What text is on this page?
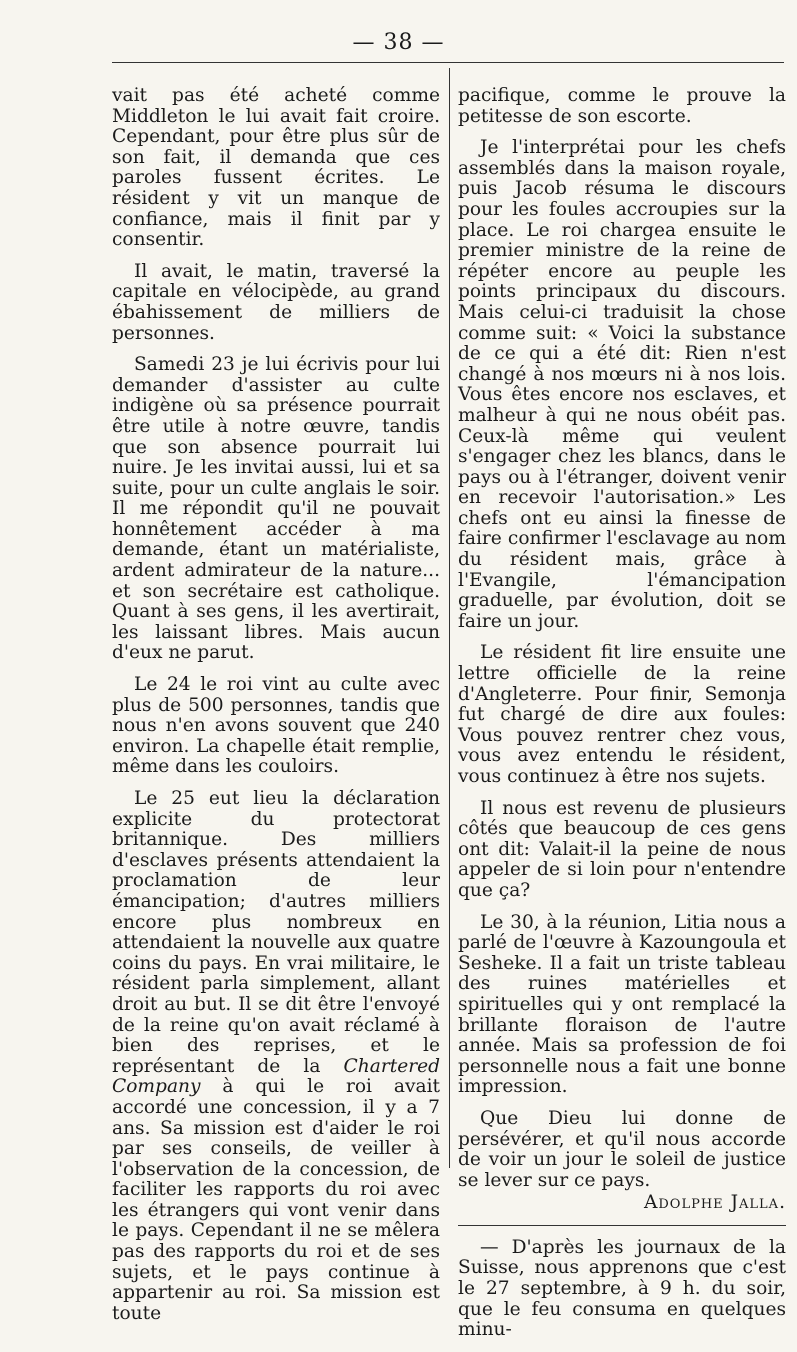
— 38 —

vait pas été acheté comme Middleton le lui avait fait croire. Cependant, pour être plus sûr de son fait, il demanda que ces paroles fussent écrites. Le résident y vit un manque de confiance, mais il finit par y consentir.

Il avait, le matin, traversé la capitale en vélocipède, au grand ébahissement de milliers de personnes.

Samedi 23 je lui écrivis pour lui demander d'assister au culte indigène où sa présence pourrait être utile à notre œuvre, tandis que son absence pourrait lui nuire. Je les invitai aussi, lui et sa suite, pour un culte anglais le soir. Il me répondit qu'il ne pouvait honnêtement accéder à ma demande, étant un matérialiste, ardent admirateur de la nature... et son secrétaire est catholique. Quant à ses gens, il les avertirait, les laissant libres. Mais aucun d'eux ne parut.

Le 24 le roi vint au culte avec plus de 500 personnes, tandis que nous n'en avons souvent que 240 environ. La chapelle était remplie, même dans les couloirs.

Le 25 eut lieu la déclaration explicite du protectorat britannique. Des milliers d'esclaves présents attendaient la proclamation de leur émancipation; d'autres milliers encore plus nombreux en attendaient la nouvelle aux quatre coins du pays. En vrai militaire, le résident parla simplement, allant droit au but. Il se dit être l'envoyé de la reine qu'on avait réclamé à bien des reprises, et le représentant de la Chartered Company à qui le roi avait accordé une concession, il y a 7 ans. Sa mission est d'aider le roi par ses conseils, de veiller à l'observation de la concession, de faciliter les rapports du roi avec les étrangers qui vont venir dans le pays. Cependant il ne se mêlera pas des rapports du roi et de ses sujets, et le pays continue à appartenir au roi. Sa mission est toute

pacifique, comme le prouve la petitesse de son escorte.

Je l'interprétai pour les chefs assemblés dans la maison royale, puis Jacob résuma le discours pour les foules accroupies sur la place. Le roi chargea ensuite le premier ministre de la reine de répéter encore au peuple les points principaux du discours. Mais celui-ci traduisit la chose comme suit: « Voici la substance de ce qui a été dit: Rien n'est changé à nos mœurs ni à nos lois. Vous êtes encore nos esclaves, et malheur à qui ne nous obéit pas. Ceux-là même qui veulent s'engager chez les blancs, dans le pays ou à l'étranger, doivent venir en recevoir l'autorisation.» Les chefs ont eu ainsi la finesse de faire confirmer l'esclavage au nom du résident mais, grâce à l'Evangile, l'émancipation graduelle, par évolution, doit se faire un jour.

Le résident fit lire ensuite une lettre officielle de la reine d'Angleterre. Pour finir, Semonja fut chargé de dire aux foules: Vous pouvez rentrer chez vous, vous avez entendu le résident, vous continuez à être nos sujets.

Il nous est revenu de plusieurs côtés que beaucoup de ces gens ont dit: Valait-il la peine de nous appeler de si loin pour n'entendre que ça?

Le 30, à la réunion, Litia nous a parlé de l'œuvre à Kazoungoula et Sesheke. Il a fait un triste tableau des ruines matérielles et spirituelles qui y ont remplacé la brillante floraison de l'autre année. Mais sa profession de foi personnelle nous a fait une bonne impression.

Que Dieu lui donne de persévérer, et qu'il nous accorde de voir un jour le soleil de justice se lever sur ce pays.

Adolphe Jalla.

— D'après les journaux de la Suisse, nous apprenons que c'est le 27 septembre, à 9 h. du soir, que le feu consuma en quelques minu-
